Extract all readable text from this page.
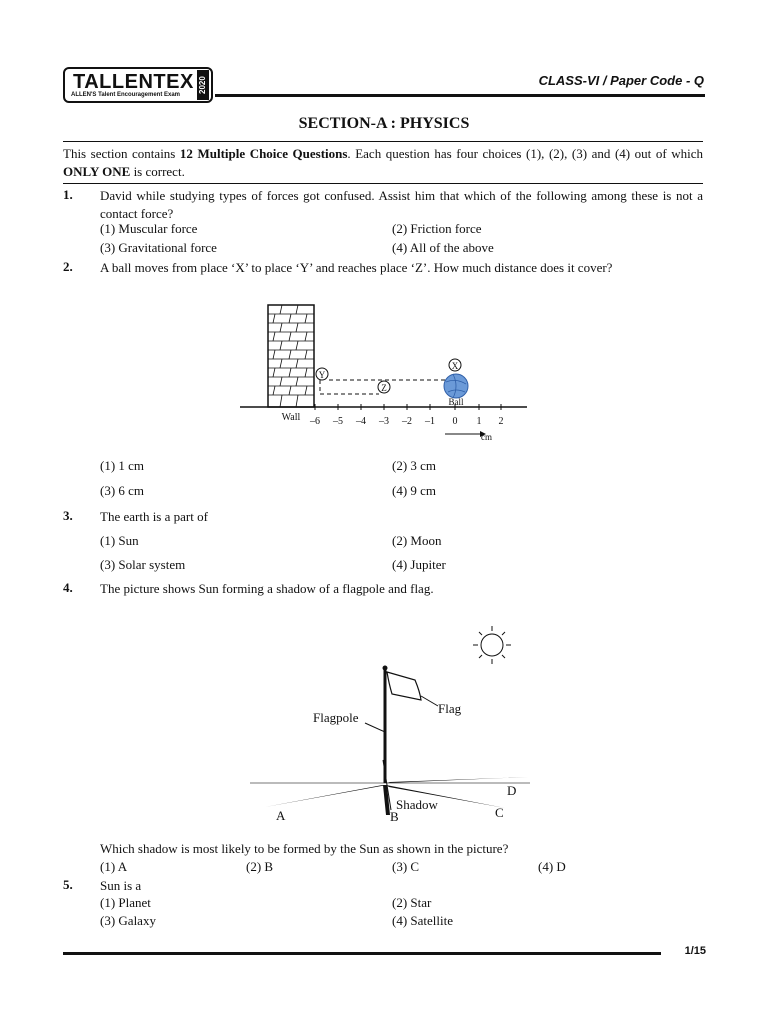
TALLENTEX
ALLEN'S Talent Encouragement Exam
2020	CLASS-VI / Paper Code - Q
SECTION-A : PHYSICS
This section contains 12 Multiple Choice Questions. Each question has four choices (1), (2), (3) and (4) out of which ONLY ONE is correct.
1. David while studying types of forces got confused. Assist him that which of the following among these is not a contact force?
(1) Muscular force	(2) Friction force
(3) Gravitational force	(4) All of the above
2. A ball moves from place ‘X’ to place ‘Y’ and reaches place ‘Z’. How much distance does it cover?
Wall –6 –5 –4 –3 –2 –1 0 1 2
cm
X
Y
Z
Ball
(1) 1 cm	(2) 3 cm
(3) 6 cm	(4) 9 cm
3. The earth is a part of
(1) Sun	(2) Moon
(3) Solar system	(4) Jupiter
4. The picture shows Sun forming a shadow of a flagpole and flag.
Flag
Flagpole
Shadow
A	B	C
D
Which shadow is most likely to be formed by the Sun as shown in the picture?
(1) A	(2) B	(3) C	(4) D
5. Sun is a
(1) Planet	(2) Star
(3) Galaxy	(4) Satellite
1/15
